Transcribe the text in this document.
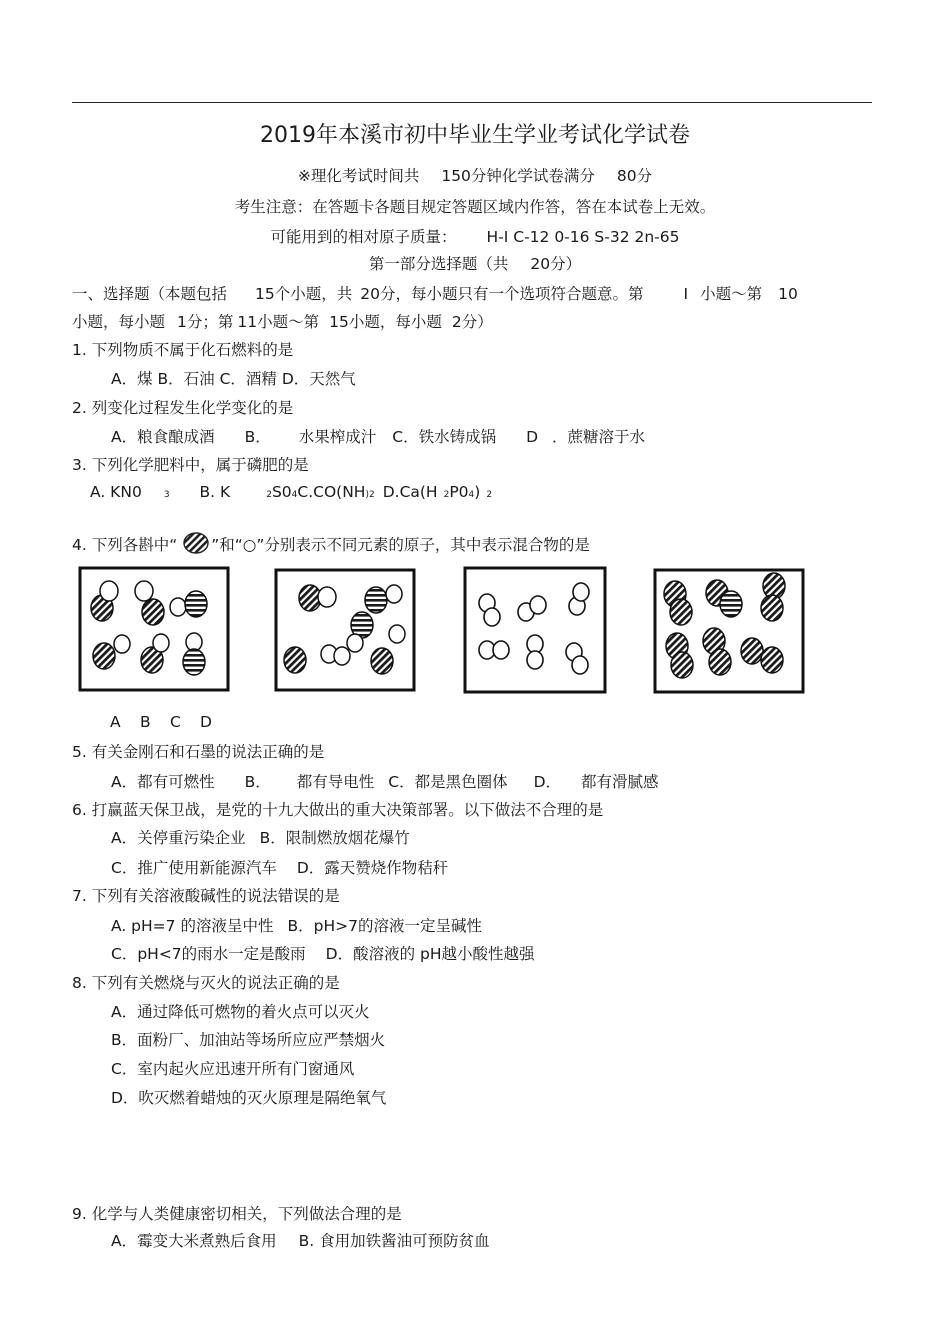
2019年本溪市初中毕业生学业考试化学试卷
※理化考试时间共 150分钟化学试卷满分 80分
考生注意：在答题卡各题目规定答题区域内作答，答在本试卷上无效。
可能用到的相对原子质量： H-I C-12 0-16 S-32 2n-65
第一部分选择题（共 20分）
一、选择题（本题包括 15个小题，共 20分，每小题只有一个选项符合题意。第	I 小题～第 10
小题，每小题 1分；第 11小题～第 15小题，每小题 2分）
1. 下列物质不属于化石燃料的是
A．煤 B．石油 C．酒精 D．天然气
2. 列变化过程发生化学变化的是
A．粮食酿成酒 B． 水果榨成汁 C．铁水铸成锅 D ．蔗糖溶于水
3. 下列化学肥料中，属于磷肥的是
A. KN0 3 B. K	2S04C.CO(NH)2 D.Ca(H 2P04) 2
4. 下列各斟中“ ”和“○”分别表示不同元素的原子，其中表示混合物的是
A B C D
5. 有关金刚石和石墨的说法正确的是
A．都有可燃性 B． 都有导电性 C．都是黑色圈体 D． 都有滑腻感
6. 打赢蓝天保卫战，是党的十九大做出的重大决策部署。以下做法不合理的是
A．关停重污染企业 B．限制燃放烟花爆竹
C．推广使用新能源汽车 D．露天赞烧作物秸秆
7. 下列有关溶液酸碱性的说法错误的是
A. pH=7 的溶液呈中性 B．pH>7的溶液一定呈碱性
C．pH<7的雨水一定是酸雨 D．酸溶液的 pH越小酸性越强
8. 下列有关燃烧与灭火的说法正确的是
A．通过降低可燃物的着火点可以灭火
B．面粉厂、加油站等场所应应严禁烟火
C．室内起火应迅速开所有门窗通风
D．吹灭燃着蜡烛的灭火原理是隔绝氧气
9. 化学与人类健康密切相关，下列做法合理的是
A．霉变大米煮熟后食用 B. 食用加铁酱油可预防贫血
